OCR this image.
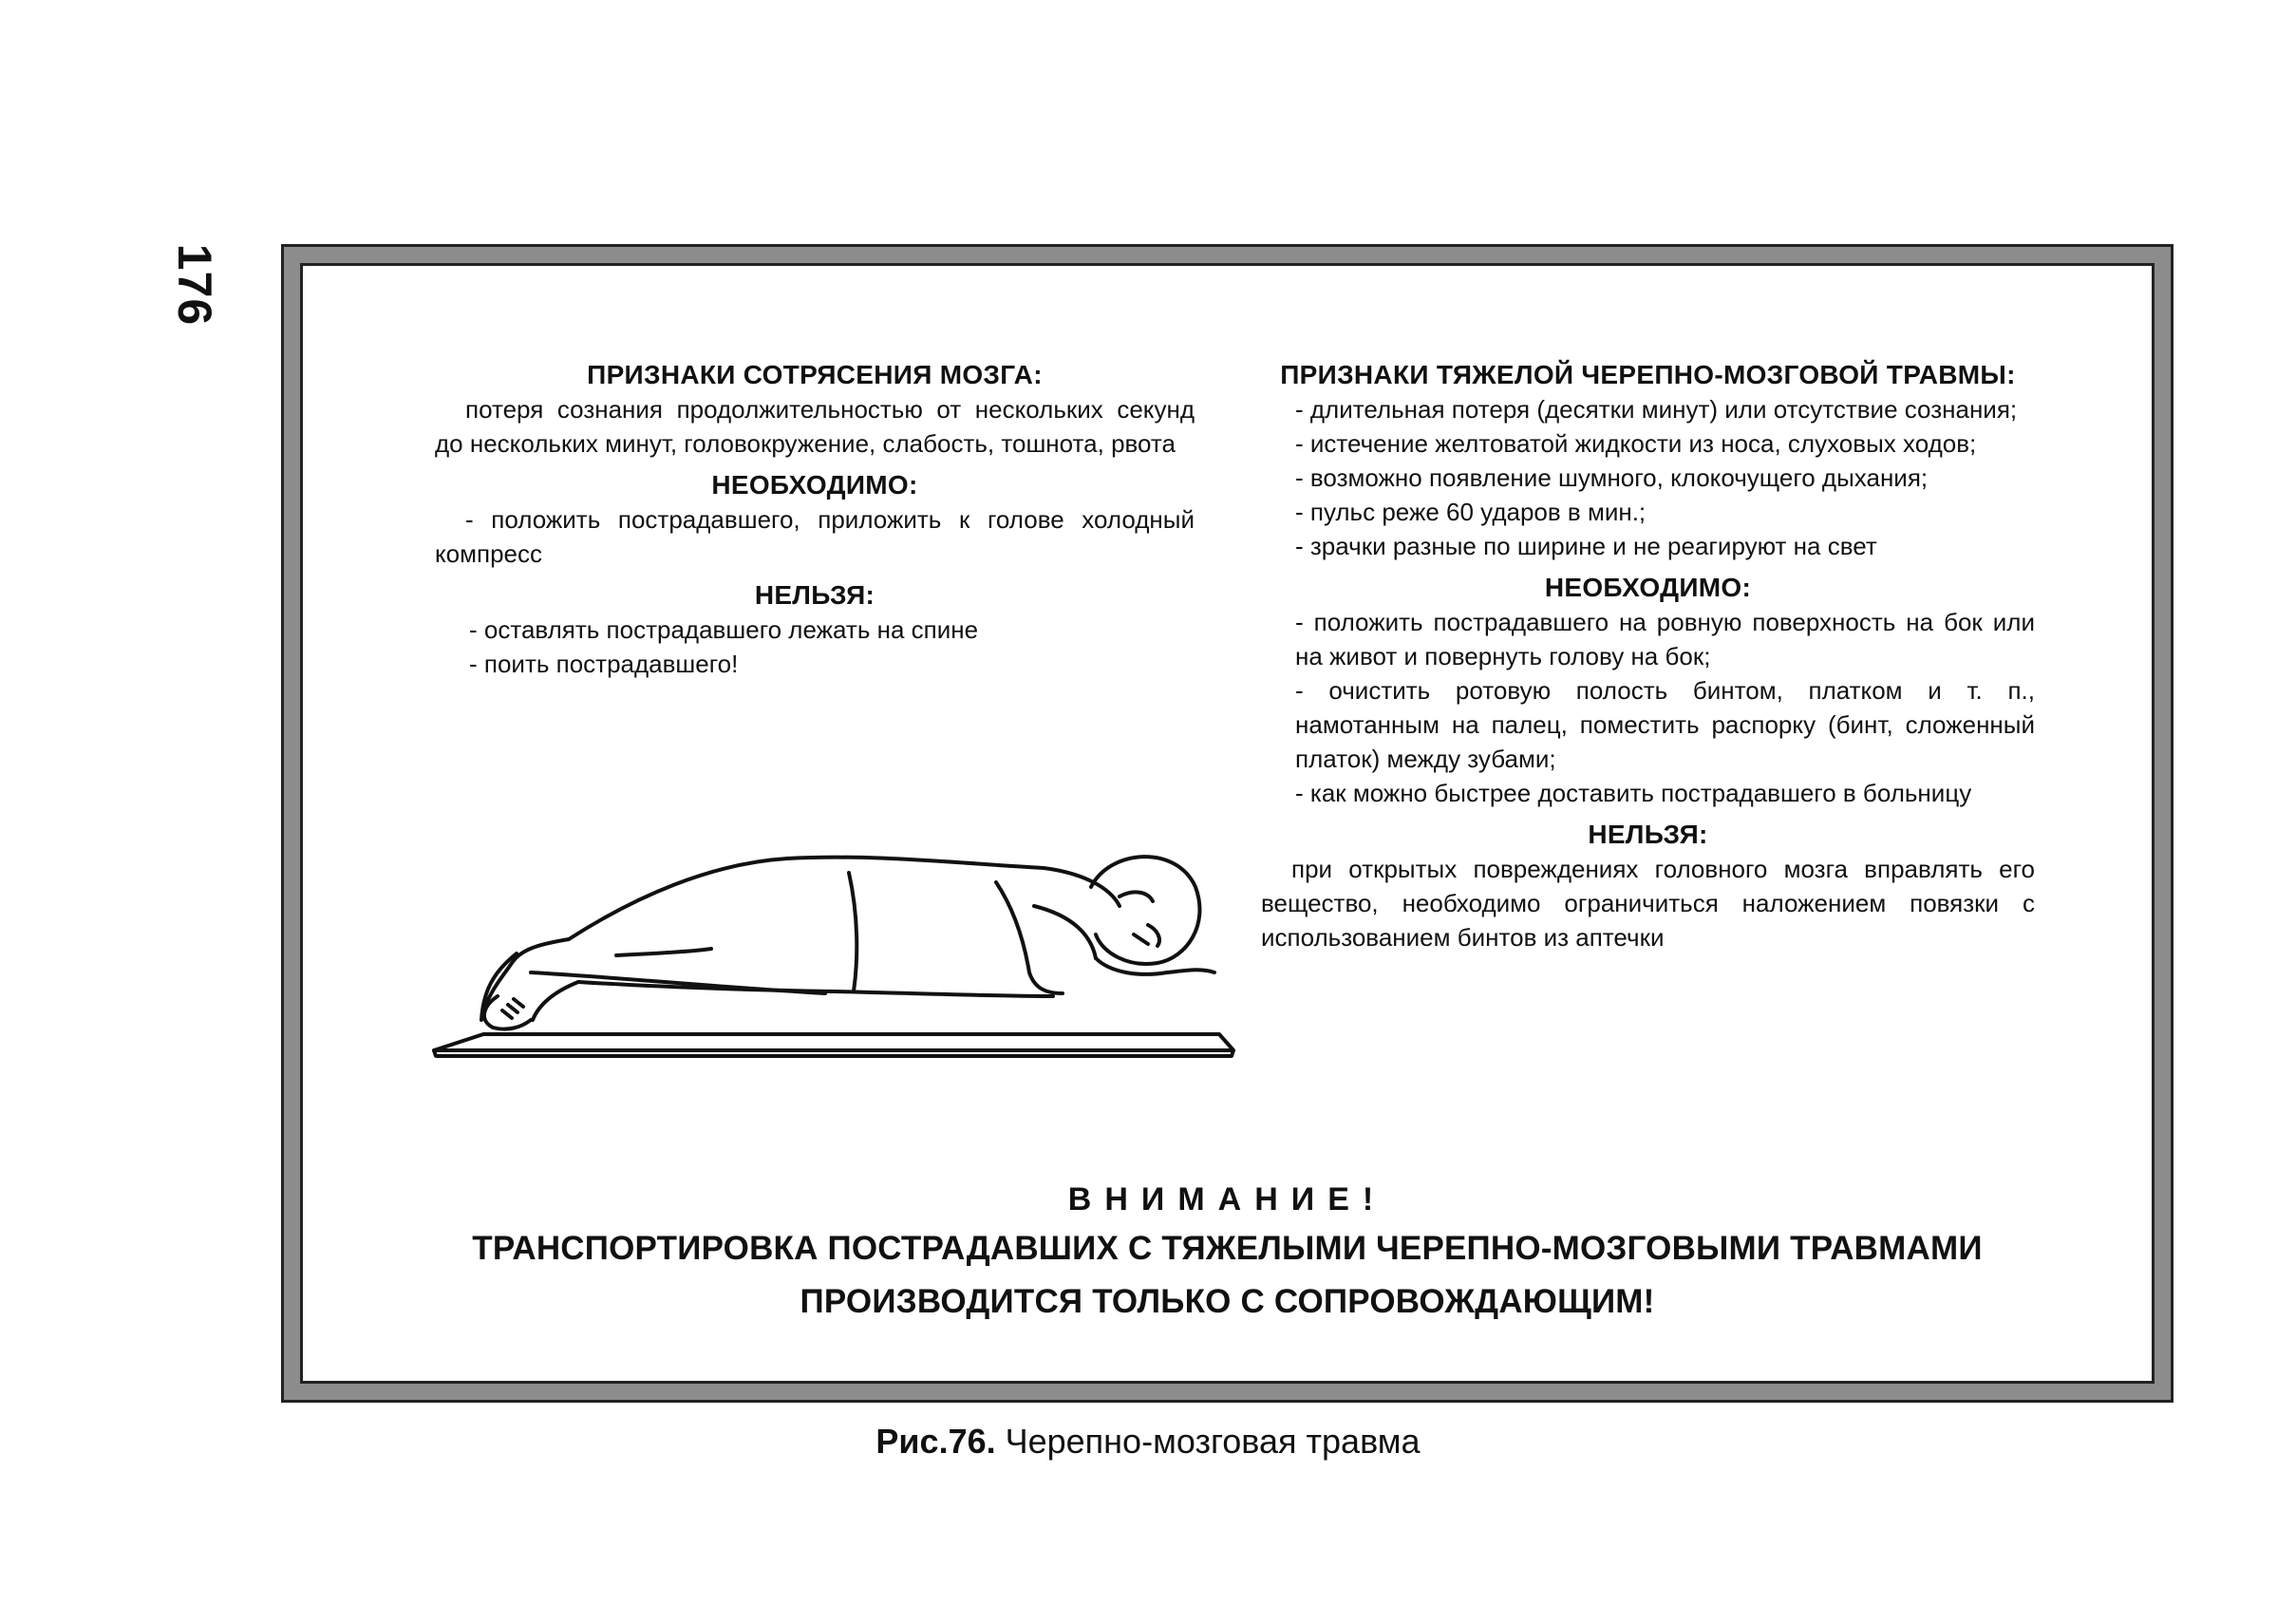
176
ПРИЗНАКИ СОТРЯСЕНИЯ МОЗГА:
потеря сознания продолжительностью от нескольких секунд до нескольких минут, головокружение, слабость, тошнота, рвота
НЕОБХОДИМО:
- положить пострадавшего, приложить к голове холодный компресс
НЕЛЬЗЯ:
- оставлять пострадавшего лежать на спине
- поить пострадавшего!
ПРИЗНАКИ ТЯЖЕЛОЙ ЧЕРЕПНО-МОЗГОВОЙ ТРАВМЫ:
- длительная потеря (десятки минут) или отсутствие сознания;
- истечение желтоватой жидкости из носа, слуховых ходов;
- возможно появление шумного, клокочущего дыхания;
- пульс реже 60 ударов в мин.;
- зрачки разные по ширине и не реагируют на свет
НЕОБХОДИМО:
- положить пострадавшего на ровную поверхность на бок или на живот и повернуть голову на бок;
- очистить ротовую полость бинтом, платком и т. п., намотанным на палец, поместить распорку (бинт, сложенный платок) между зубами;
- как можно быстрее доставить пострадавшего в больницу
НЕЛЬЗЯ:
при открытых повреждениях головного мозга вправлять его вещество, необходимо ограничиться наложением повязки с использованием бинтов из аптечки
ВНИМАНИЕ!
ТРАНСПОРТИРОВКА ПОСТРАДАВШИХ С ТЯЖЕЛЫМИ ЧЕРЕПНО-МОЗГОВЫМИ ТРАВМАМИ
ПРОИЗВОДИТСЯ ТОЛЬКО С СОПРОВОЖДАЮЩИМ!
Рис.76. Черепно-мозговая травма
